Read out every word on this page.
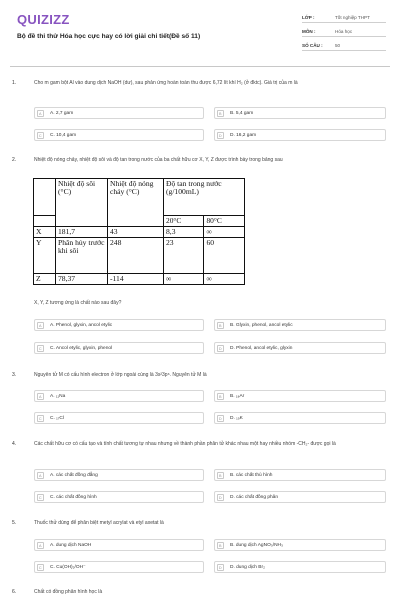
QUIZIZZ
Bộ đề thi thử Hóa học cực hay có lời giải chi tiết(Đề số 11)
LỚP :	Tốt nghiệp THPT
MÔN :	Hóa học
SỐ CÂU :	50
1.	Cho m gam bột Al vào dung dịch NaOH (dư), sau phản ứng hoàn toàn thu được 6,72 lít khí H₂ (ở đktc). Giá trị của m là
A	A. 2,7 gam	B	B. 5,4 gam
C	C. 10,4 gam	D	D. 16,2 gam
2.	Nhiệt độ nóng chảy, nhiệt độ sôi và độ tan trong nước của ba chất hữu cơ X, Y, Z được trình bày trong bảng sau
	Nhiệt độ sôi (°C)	Nhiệt độ nóng chảy (°C)	Độ tan trong nước (g/100mL)	
			20°C	80°C
X	181,7	43	8,3	∞
Y	Phân hủy trước khi sôi	248	23	60
Z	78,37	-114	∞	∞
X, Y, Z tương ứng là chất nào sau đây?
A	A. Phenol, glyxin, ancol etylic	B	B. Glyxin, phenol, ancol etylic
C	C. Ancol etylic, glyxin, phenol	D	D. Phenol, ancol etylic, glyxin
3.	Nguyên tử M có cấu hình electron ở lớp ngoài cùng là 3s²3p⁶. Nguyên tử M là
A	A. ₁₁Na	B	B. ₁₈Ar
C	C. ₁₇Cl	D	D. ₁₉K
4.	Các chất hữu cơ có cấu tạo và tính chất tương tự nhau nhưng về thành phần phân tử khác nhau một hay nhiều nhóm -CH₂- được gọi là
A	A. các chất đồng đẳng	B	B. các chất thù hình
C	C. các chất đồng hình	D	D. các chất đồng phân
5.	Thuốc thử dùng để phân biệt metyl acrylat và etyl axetat là
A	A. dung dịch NaOH	B	B. dung dịch AgNO₃/NH₃
C	C. Cu(OH)₂/OH⁻	D	D. dung dịch Br₂
6.	Chất có đồng phân hình học là
